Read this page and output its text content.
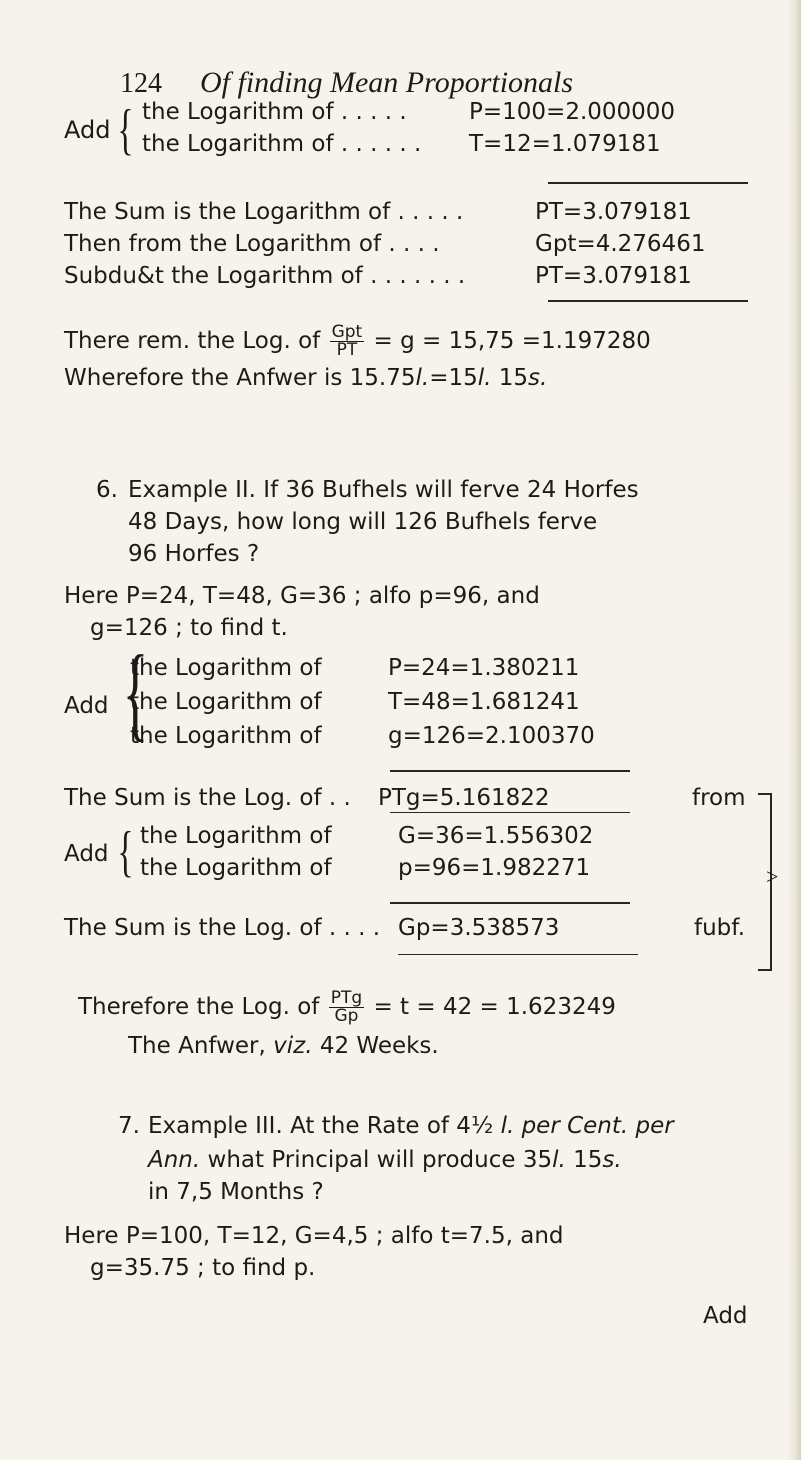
124 Of finding Mean Proportionals
Add { the Logarithm of . . . . .	P=100=2.000000
the Logarithm of . . . . . . T=12=1.079181
The Sum is the Logarithm of . . . . .	PT=3.079181
Then from the Logarithm of . . . .	Gpt=4.276461
Subdu&t the Logarithm of . . . . . . .	PT=3.079181
There rem. the Log. of $\frac{\text{Gpt}}{PT} = g = 15,75 =1.197280$
Wherefore the Anfwer is 15.75l.=15l. 15s.
6. Example II. If 36 Bufhels will ferve 24 Horfes
48 Days, how long will 126 Bufhels ferve
96 Horfes ?
Here P=24, T=48, G=36 ; alfo p=96, and
g=126 ; to find t.
Add {
the Logarithm of	P=24=1.380211
the Logarithm of	T=48=1.681241
the Logarithm of	g=126=2.100370
The Sum is the Log. of . . PTg=5.161822	from
>
Add { the Logarithm of	G=36=1.556302
the Logarithm of	p=96=1.982271
The Sum is the Log. of . . . . Gp=3.538573	fubf.
Therefore the Log. of $\frac{\text{PTg}}{Gp} = t = 42 = 1.623249$
The Anfwer, viz. 42 Weeks.
7. Example III. At the Rate of 4½ l. per Cent. per
Ann. what Principal will produce 35l. 15s.
in 7,5 Months ?
Here P=100, T=12, G=4,5 ; alfo t=7.5, and
g=35.75 ; to find p.
Add
